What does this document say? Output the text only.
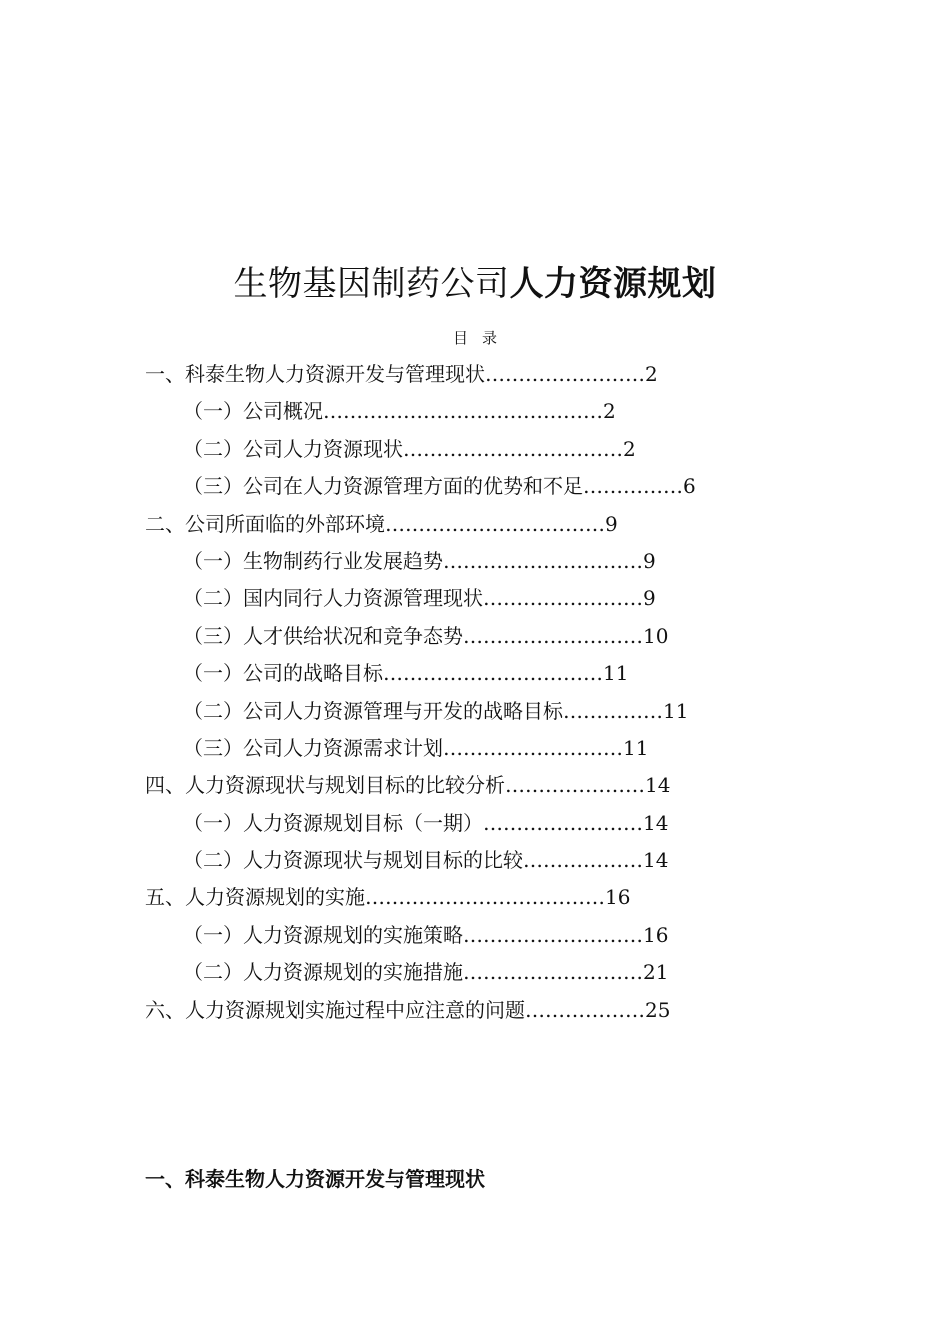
生物基因制药公司人力资源规划
目录
一、科泰生物人力资源开发与管理现状……………………2
（一）公司概况……………………………………2
（二）公司人力资源现状……………………………2
（三）公司在人力资源管理方面的优势和不足……………6
二、公司所面临的外部环境……………………………9
（一）生物制药行业发展趋势…………………………9
（二）国内同行人力资源管理现状……………………9
（三）人才供给状况和竞争态势………………………10
（一）公司的战略目标……………………………11
（二）公司人力资源管理与开发的战略目标……………11
（三）公司人力资源需求计划………………………11
四、人力资源现状与规划目标的比较分析…………………14
（一）人力资源规划目标（一期）……………………14
（二）人力资源现状与规划目标的比较………………14
五、人力资源规划的实施………………………………16
（一）人力资源规划的实施策略………………………16
（二）人力资源规划的实施措施………………………21
六、人力资源规划实施过程中应注意的问题………………25
一、科泰生物人力资源开发与管理现状
